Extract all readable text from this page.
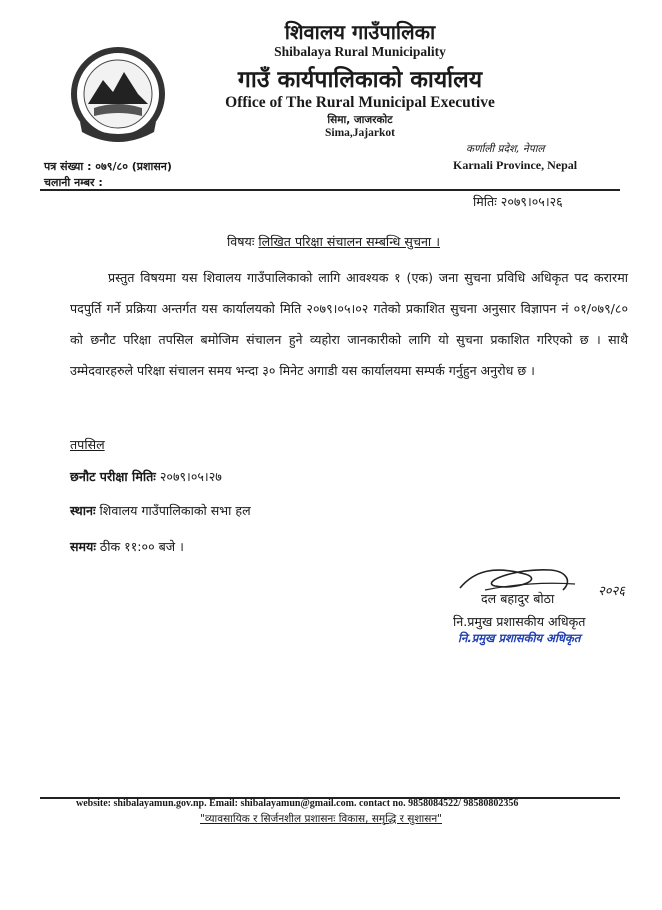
शिवालय गाउँपालिका
Shibalaya Rural Municipality
गाउँ कार्यपालिकाको कार्यालय
Office of The Rural Municipal Executive
सिमा, जाजरकोट
Sima,Jajarkot
कर्णाली प्रदेश, नेपाल
Karnali Province, Nepal
पत्र संख्या : ०७९/८० (प्रशासन)
चलानी नम्बर :
मितिः २०७९।०५।२६
विषयः लिखित परिक्षा संचालन सम्बन्धि सुचना ।
प्रस्तुत विषयमा यस शिवालय गाउँपालिकाको लागि आवश्यक १ (एक) जना सुचना प्रविधि अधिकृत पद करारमा पदपुर्ति गर्ने प्रक्रिया अन्तर्गत यस कार्यालयको मिति २०७९।०५।०२ गतेको प्रकाशित सुचना अनुसार विज्ञापन नं ०१/०७९/८० को छनौट परिक्षा तपसिल बमोजिम संचालन हुने व्यहोरा जानकारीको लागि यो सुचना प्रकाशित गरिएको छ । साथै उम्मेदवारहरुले परिक्षा संचालन समय भन्दा ३० मिनेट अगाडी यस कार्यालयमा सम्पर्क गर्नुहुन अनुरोध छ ।
तपसिल
छनौट परीक्षा मितिः २०७९।०५।२७
स्थानः शिवालय गाउँपालिकाको सभा हल
समयः ठीक ११:०० बजे ।
२०२६
दल बहादुर बोठा
नि.प्रमुख प्रशासकीय अधिकृत
नि.प्रमुख प्रशासकीय अधिकृत
website: shibalayamun.gov.np. Email: shibalayamun@gmail.com. contact no. 9858084522/ 98580802356
"व्यावसायिक र सिर्जनशील प्रशासनः विकास, समृद्धि र सुशासन"
